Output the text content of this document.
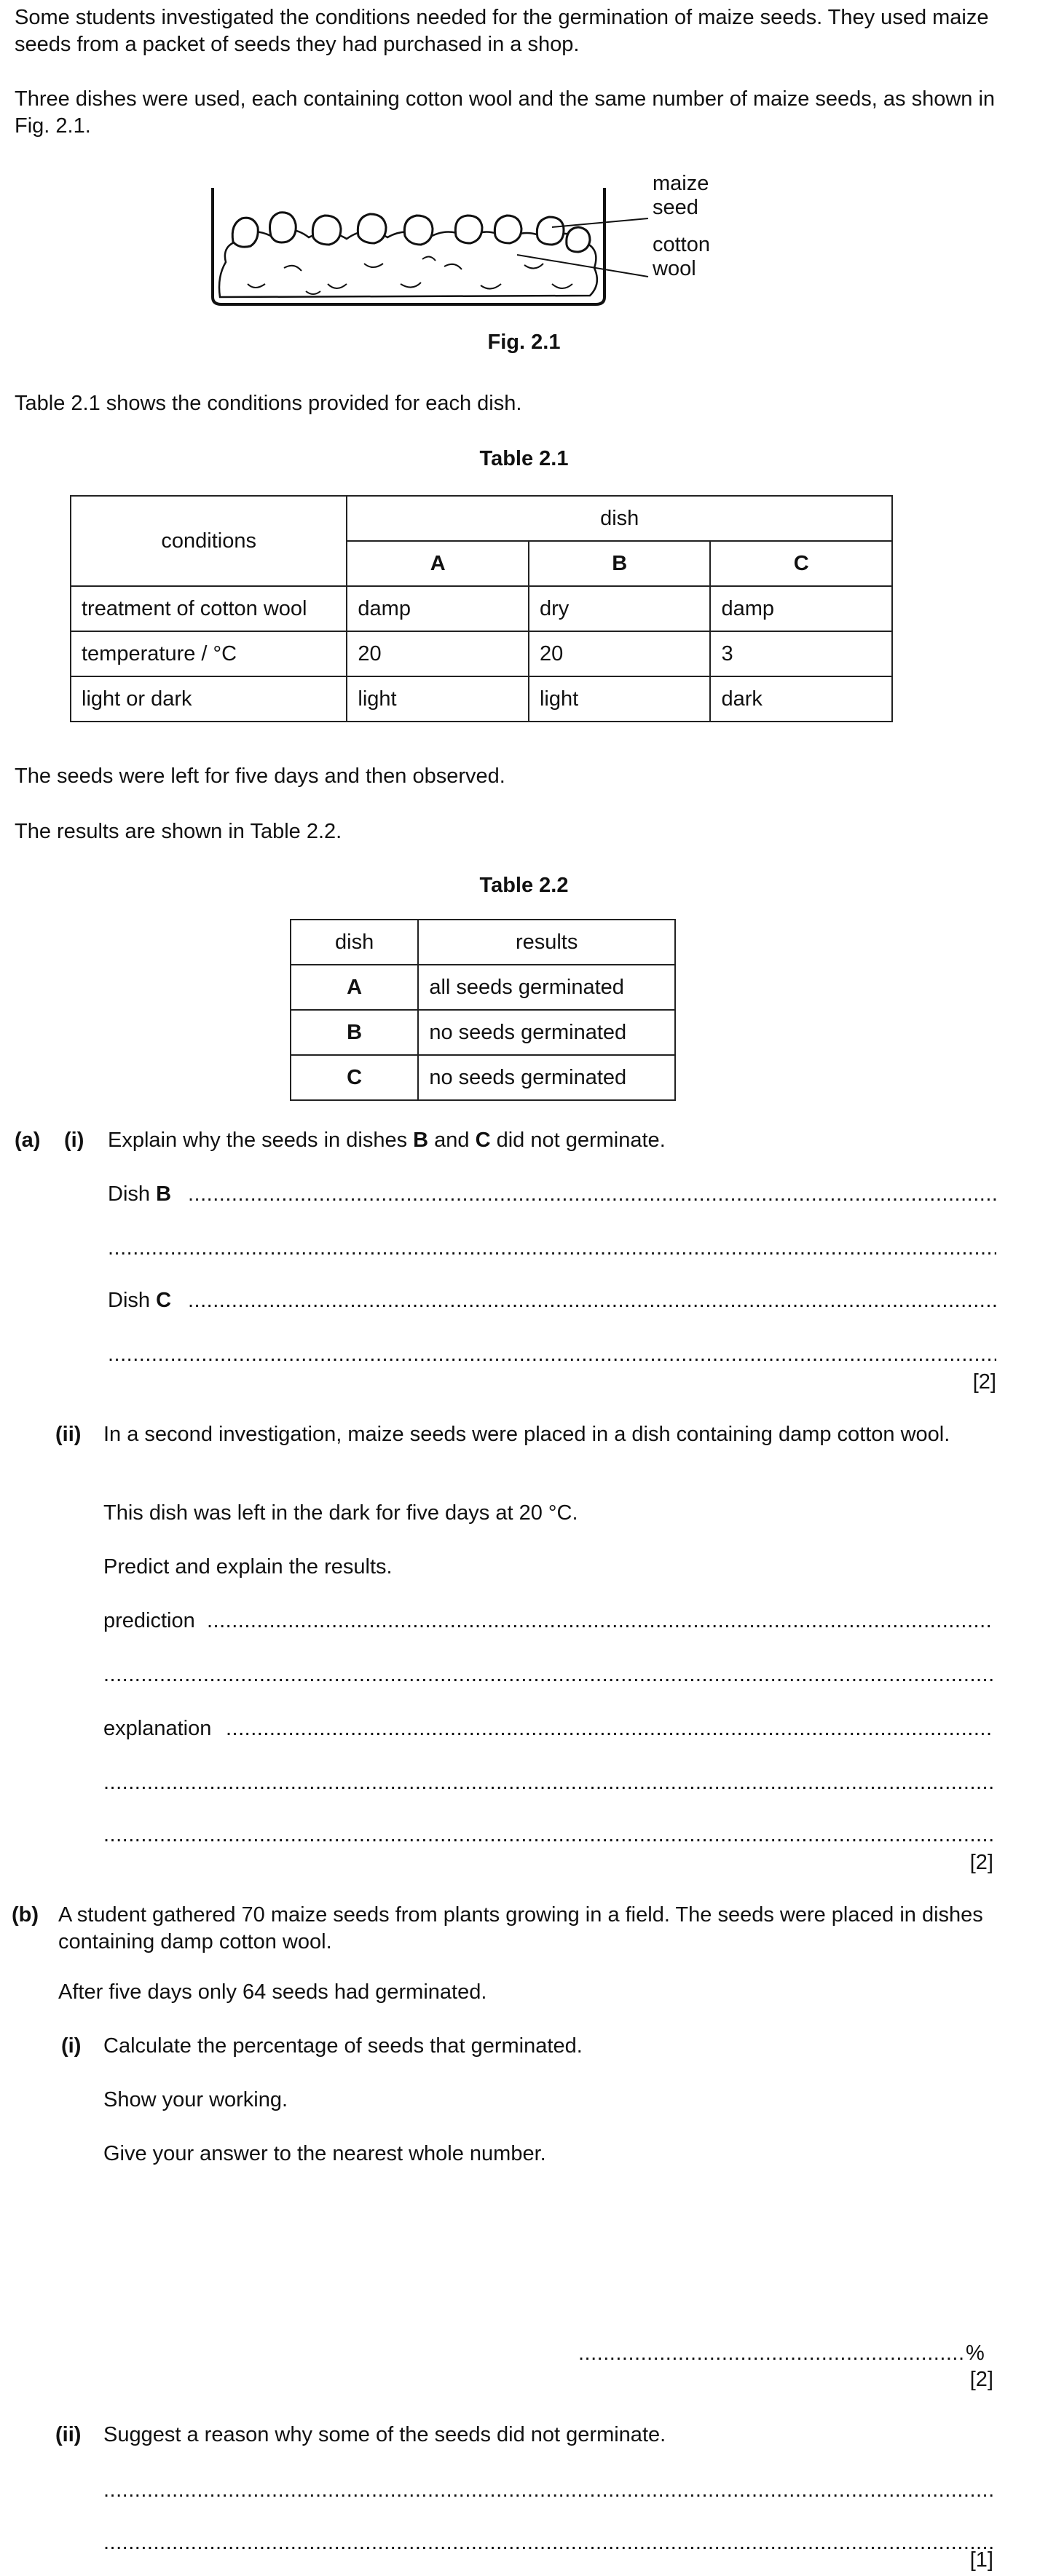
Some students investigated the conditions needed for the germination of maize seeds. They used maize seeds from a packet of seeds they had purchased in a shop.
Three dishes were used, each containing cotton wool and the same number of maize seeds, as shown in Fig. 2.1.
maize seed
cotton wool
Fig. 2.1
Table 2.1 shows the conditions provided for each dish.
Table 2.1
conditions	dish		
	A	B	C
treatment of cotton wool	damp	dry	damp
temperature / °C	20	20	3
light or dark	light	light	dark
The seeds were left for five days and then observed.
The results are shown in Table 2.2.
Table 2.2
dish	results
A	all seeds germinated
B	no seeds germinated
C	no seeds germinated
(a) (i) Explain why the seeds in dishes B and C did not germinate.
Dish B
.....
.....
Dish C
.....
.....
[2]
(ii) In a second investigation, maize seeds were placed in a dish containing damp cotton wool.
This dish was left in the dark for five days at 20 °C.
Predict and explain the results.
prediction
.....
.....
explanation
.....
.....
.....
[2]
(b) A student gathered 70 maize seeds from plants growing in a field. The seeds were placed in dishes containing damp cotton wool.
After five days only 64 seeds had germinated.
(i) Calculate the percentage of seeds that germinated.
Show your working.
Give your answer to the nearest whole number.
.....
%
[2]
(ii) Suggest a reason why some of the seeds did not germinate.
.....
.....
.....
[1]
